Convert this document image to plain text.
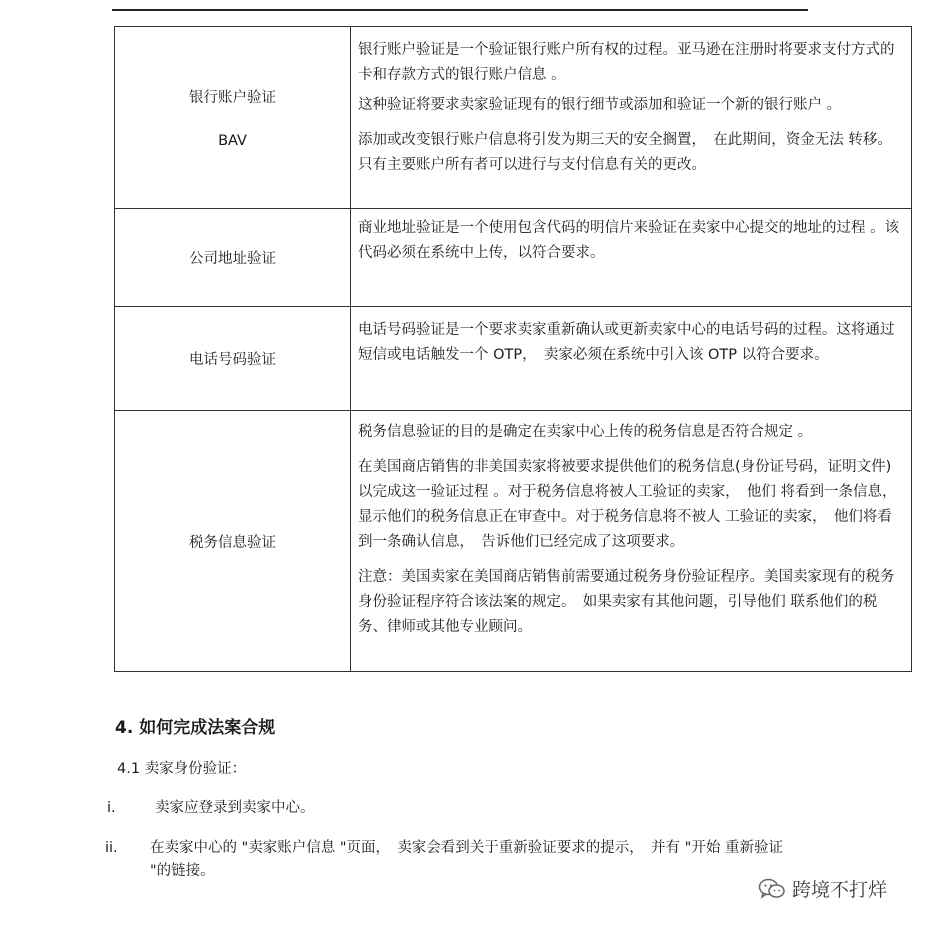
银行账户验证
BAV

银行账户验证是一个验证银行账户所有权的过程。亚马逊在注册时将要求支付方式的卡和存款方式的银行账户信息 。

这种验证将要求卖家验证现有的银行细节或添加和验证一个新的银行账户 。

添加或改变银行账户信息将引发为期三天的安全搁置，　在此期间，资金无法 转移。只有主要账户所有者可以进行与支付信息有关的更改。

公司地址验证

商业地址验证是一个使用包含代码的明信片来验证在卖家中心提交的地址的过程 。该代码必须在系统中上传，以符合要求。

电话号码验证

电话号码验证是一个要求卖家重新确认或更新卖家中心的电话号码的过程。这将通过短信或电话触发一个 OTP，　卖家必须在系统中引入该 OTP 以符合要求。

税务信息验证

税务信息验证的目的是确定在卖家中心上传的税务信息是否符合规定 。

在美国商店销售的非美国卖家将被要求提供他们的税务信息(身份证号码，证明文件)以完成这一验证过程 。对于税务信息将被人工验证的卖家，　他们 将看到一条信息，显示他们的税务信息正在审查中。对于税务信息将不被人 工验证的卖家，　他们将看到一条确认信息，　告诉他们已经完成了这项要求。

注意：美国卖家在美国商店销售前需要通过税务身份验证程序。美国卖家现有的税务身份验证程序符合该法案的规定。　如果卖家有其他问题，引导他们 联系他们的税务、律师或其他专业顾问。

4. 如何完成法案合规
4.1 卖家身份验证：
i.	卖家应登录到卖家中心。
ii. 在卖家中心的 "卖家账户信息 "页面，　卖家会看到关于重新验证要求的提示，　并有 "开始 重新验证 "的链接。
跨境不打烊
